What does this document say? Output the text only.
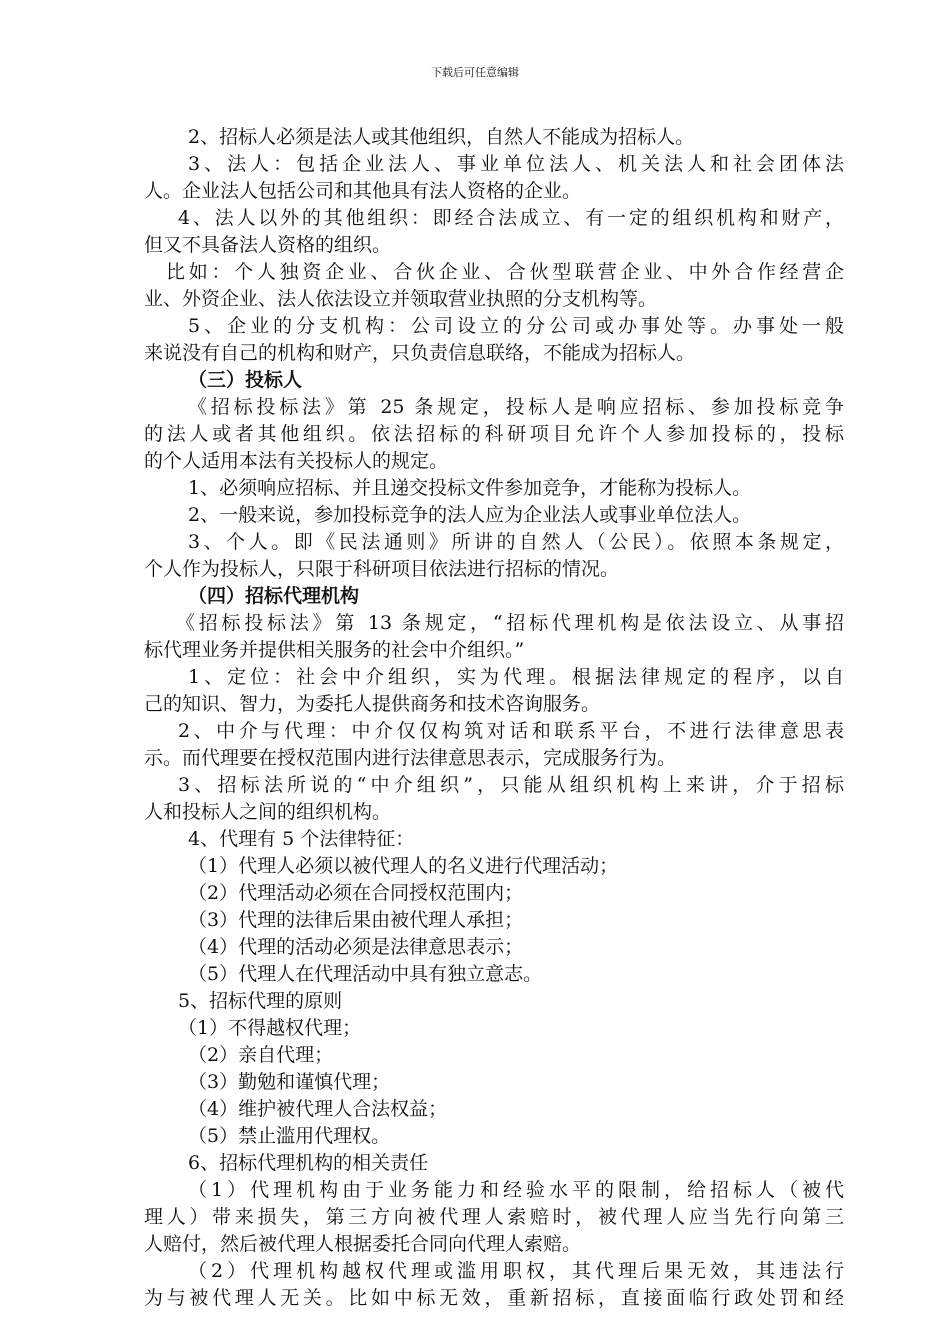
下载后可任意编辑
2、招标人必须是法人或其他组织，自然人不能成为招标人。
3、法人：包括企业法人、事业单位法人、机关法人和社会团体法
人。企业法人包括公司和其他具有法人资格的企业。
4、法人以外的其他组织：即经合法成立、有一定的组织机构和财产，
但又不具备法人资格的组织。
比如：个人独资企业、合伙企业、合伙型联营企业、中外合作经营企
业、外资企业、法人依法设立并领取营业执照的分支机构等。
5、企业的分支机构：公司设立的分公司或办事处等。办事处一般
来说没有自己的机构和财产，只负责信息联络，不能成为招标人。
（三）投标人
《招标投标法》第 25 条规定，投标人是响应招标、参加投标竞争
的法人或者其他组织。依法招标的科研项目允许个人参加投标的，投标
的个人适用本法有关投标人的规定。
1、必须响应招标、并且递交投标文件参加竞争，才能称为投标人。
2、一般来说，参加投标竞争的法人应为企业法人或事业单位法人。
3、个人。即《民法通则》所讲的自然人（公民）。依照本条规定，
个人作为投标人，只限于科研项目依法进行招标的情况。
（四）招标代理机构
《招标投标法》第 13 条规定，“招标代理机构是依法设立、从事招
标代理业务并提供相关服务的社会中介组织。”
1、定位：社会中介组织，实为代理。根据法律规定的程序，以自
己的知识、智力，为委托人提供商务和技术咨询服务。
2、中介与代理：中介仅仅构筑对话和联系平台，不进行法律意思表
示。而代理要在授权范围内进行法律意思表示，完成服务行为。
3、招标法所说的“中介组织”，只能从组织机构上来讲，介于招标
人和投标人之间的组织机构。
4、代理有 5 个法律特征：
（1）代理人必须以被代理人的名义进行代理活动；
（2）代理活动必须在合同授权范围内；
（3）代理的法律后果由被代理人承担；
（4）代理的活动必须是法律意思表示；
（5）代理人在代理活动中具有独立意志。
5、招标代理的原则
（1）不得越权代理；
（2）亲自代理；
（3）勤勉和谨慎代理；
（4）维护被代理人合法权益；
（5）禁止滥用代理权。
6、招标代理机构的相关责任
（1）代理机构由于业务能力和经验水平的限制，给招标人（被代
理人）带来损失，第三方向被代理人索赔时，被代理人应当先行向第三
人赔付，然后被代理人根据委托合同向代理人索赔。
（2）代理机构越权代理或滥用职权，其代理后果无效，其违法行
为与被代理人无关。比如中标无效，重新招标，直接面临行政处罚和经
